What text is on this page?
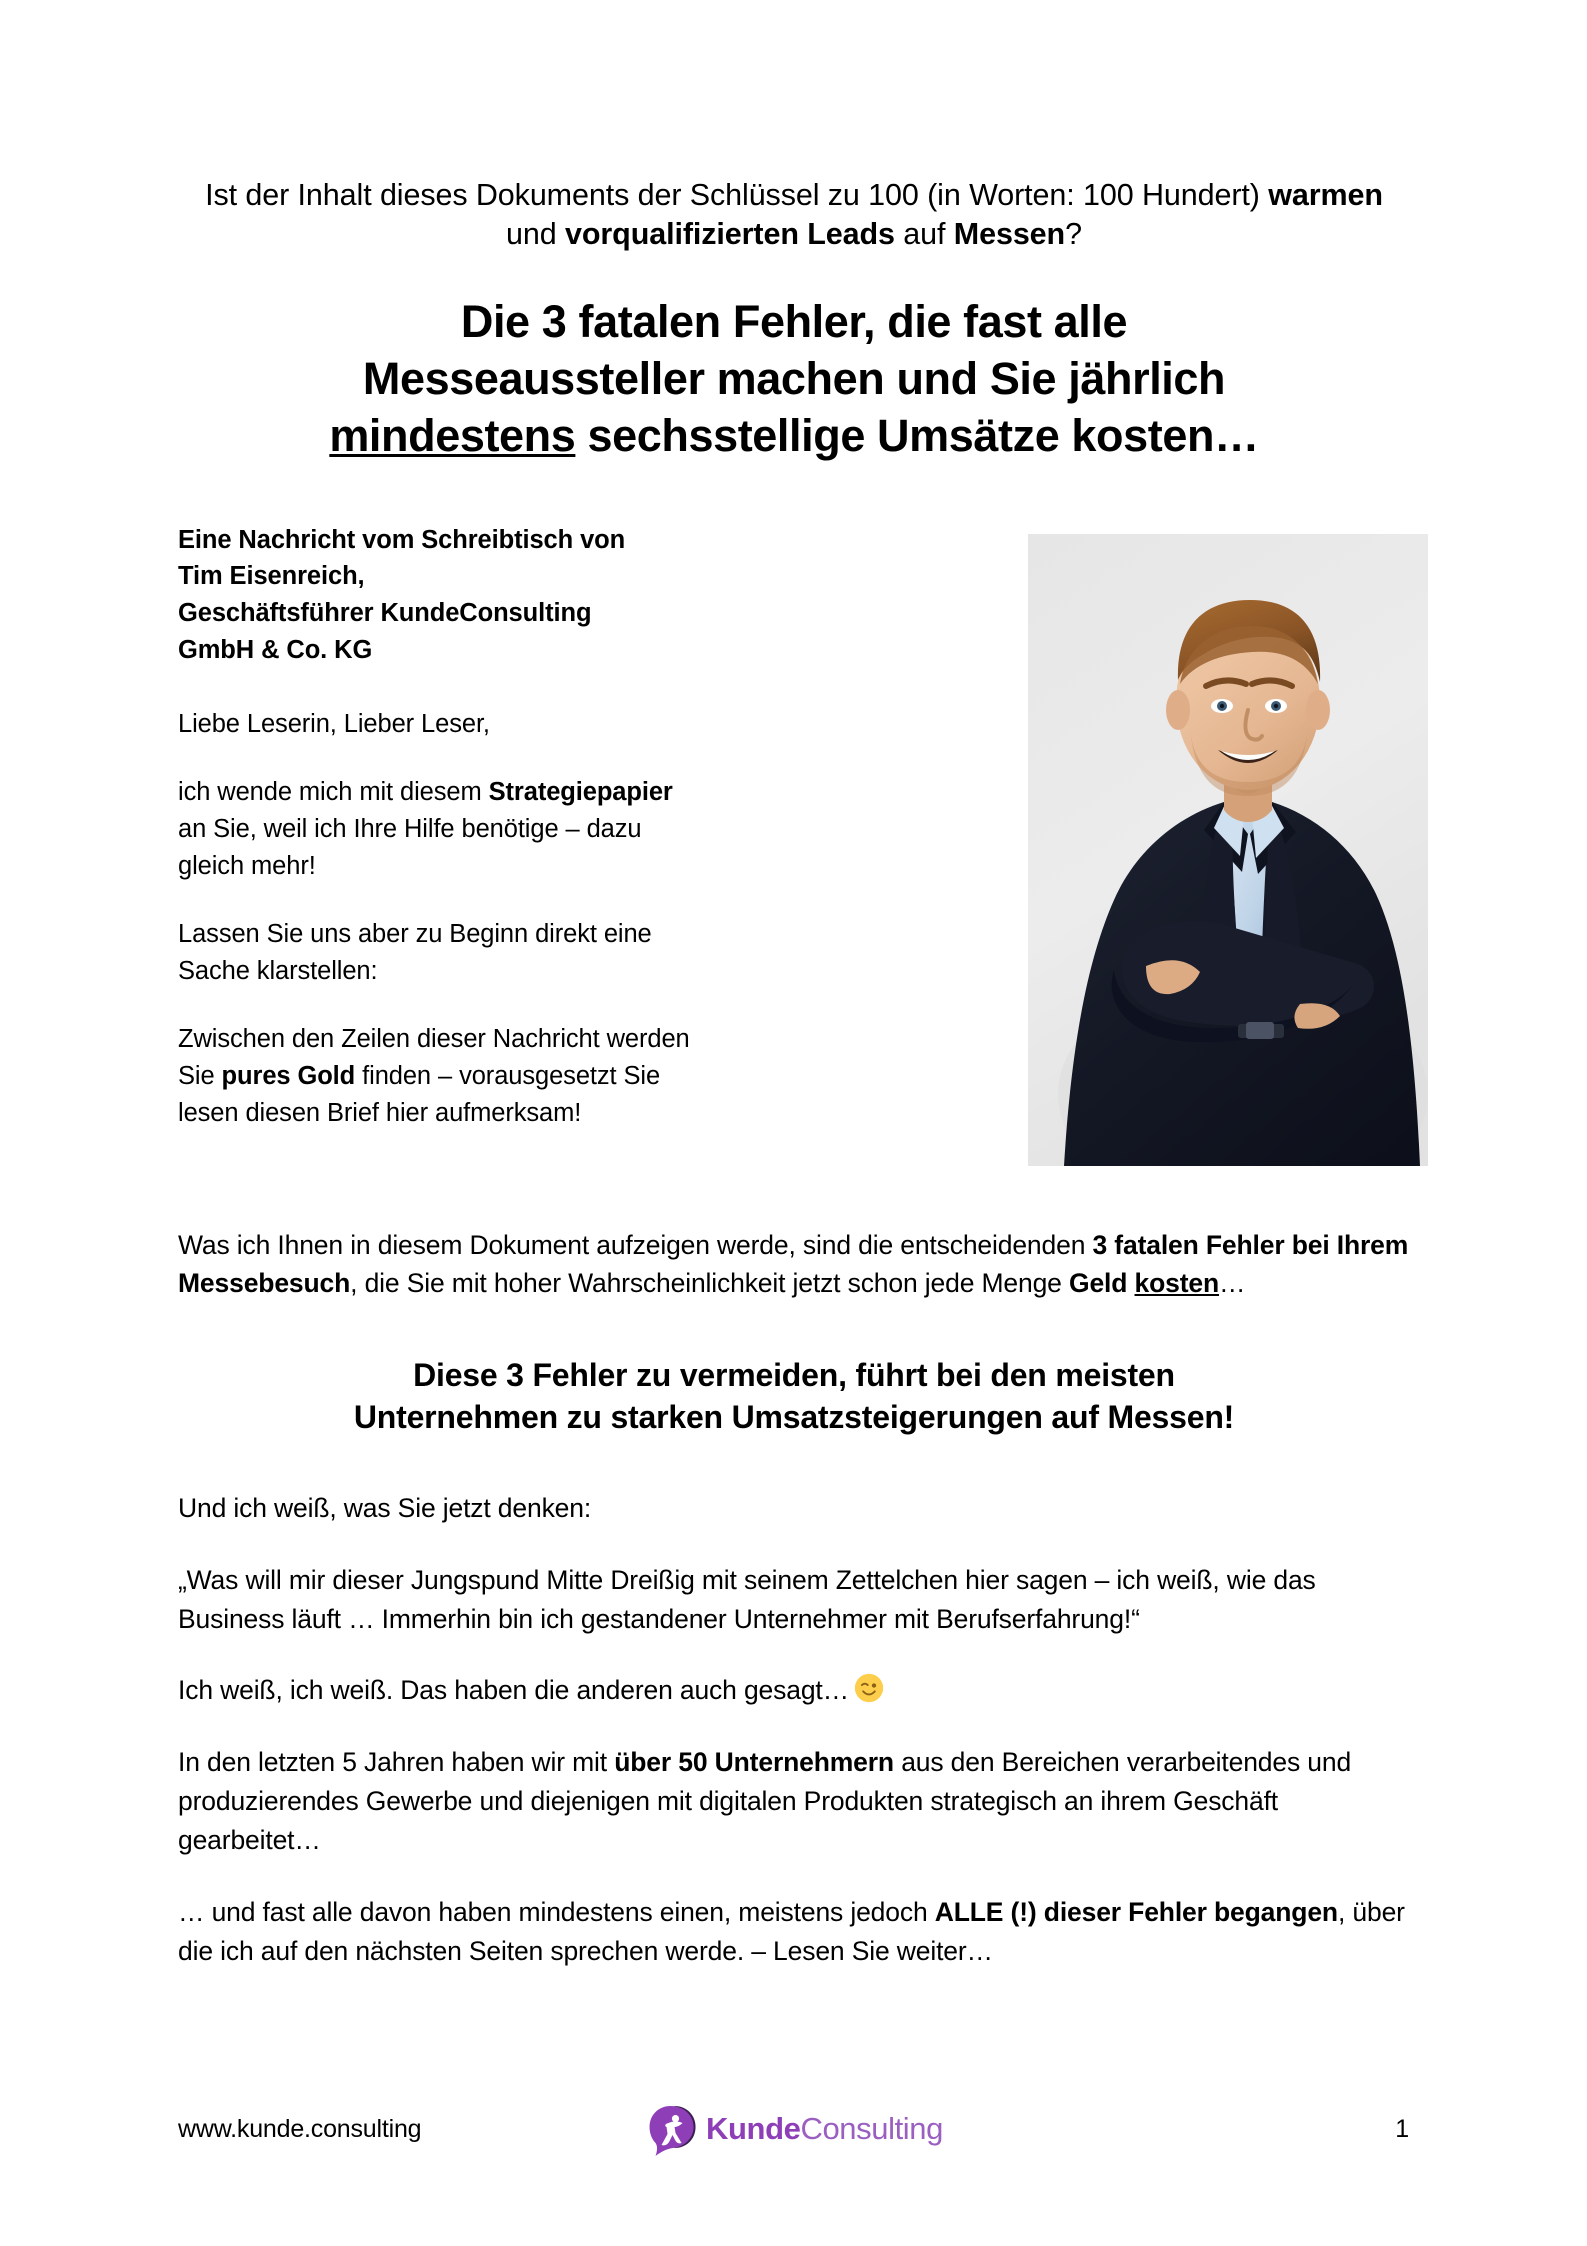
Ist der Inhalt dieses Dokuments der Schlüssel zu 100 (in Worten: 100 Hundert) warmen und vorqualifizierten Leads auf Messen?
Die 3 fatalen Fehler, die fast alle
Messeaussteller machen und Sie jährlich
mindestens sechsstellige Umsätze kosten…
Eine Nachricht vom Schreibtisch von
Tim Eisenreich,
Geschäftsführer KundeConsulting
GmbH & Co. KG

Liebe Leserin, Lieber Leser,

ich wende mich mit diesem Strategiepapier an Sie, weil ich Ihre Hilfe benötige – dazu gleich mehr!

Lassen Sie uns aber zu Beginn direkt eine Sache klarstellen:

Zwischen den Zeilen dieser Nachricht werden Sie pures Gold finden – vorausgesetzt Sie lesen diesen Brief hier aufmerksam!

Was ich Ihnen in diesem Dokument aufzeigen werde, sind die entscheidenden 3 fatalen Fehler bei Ihrem Messebesuch, die Sie mit hoher Wahrscheinlichkeit jetzt schon jede Menge Geld kosten…

Diese 3 Fehler zu vermeiden, führt bei den meisten
Unternehmen zu starken Umsatzsteigerungen auf Messen!

Und ich weiß, was Sie jetzt denken:

„Was will mir dieser Jungspund Mitte Dreißig mit seinem Zettelchen hier sagen – ich weiß, wie das Business läuft … Immerhin bin ich gestandener Unternehmer mit Berufserfahrung!“

Ich weiß, ich weiß. Das haben die anderen auch gesagt…

In den letzten 5 Jahren haben wir mit über 50 Unternehmern aus den Bereichen verarbeitendes und produzierendes Gewerbe und diejenigen mit digitalen Produkten strategisch an ihrem Geschäft gearbeitet…

… und fast alle davon haben mindestens einen, meistens jedoch ALLE (!) dieser Fehler begangen, über die ich auf den nächsten Seiten sprechen werde. – Lesen Sie weiter…

www.kunde.consulting	KundeConsulting	1
